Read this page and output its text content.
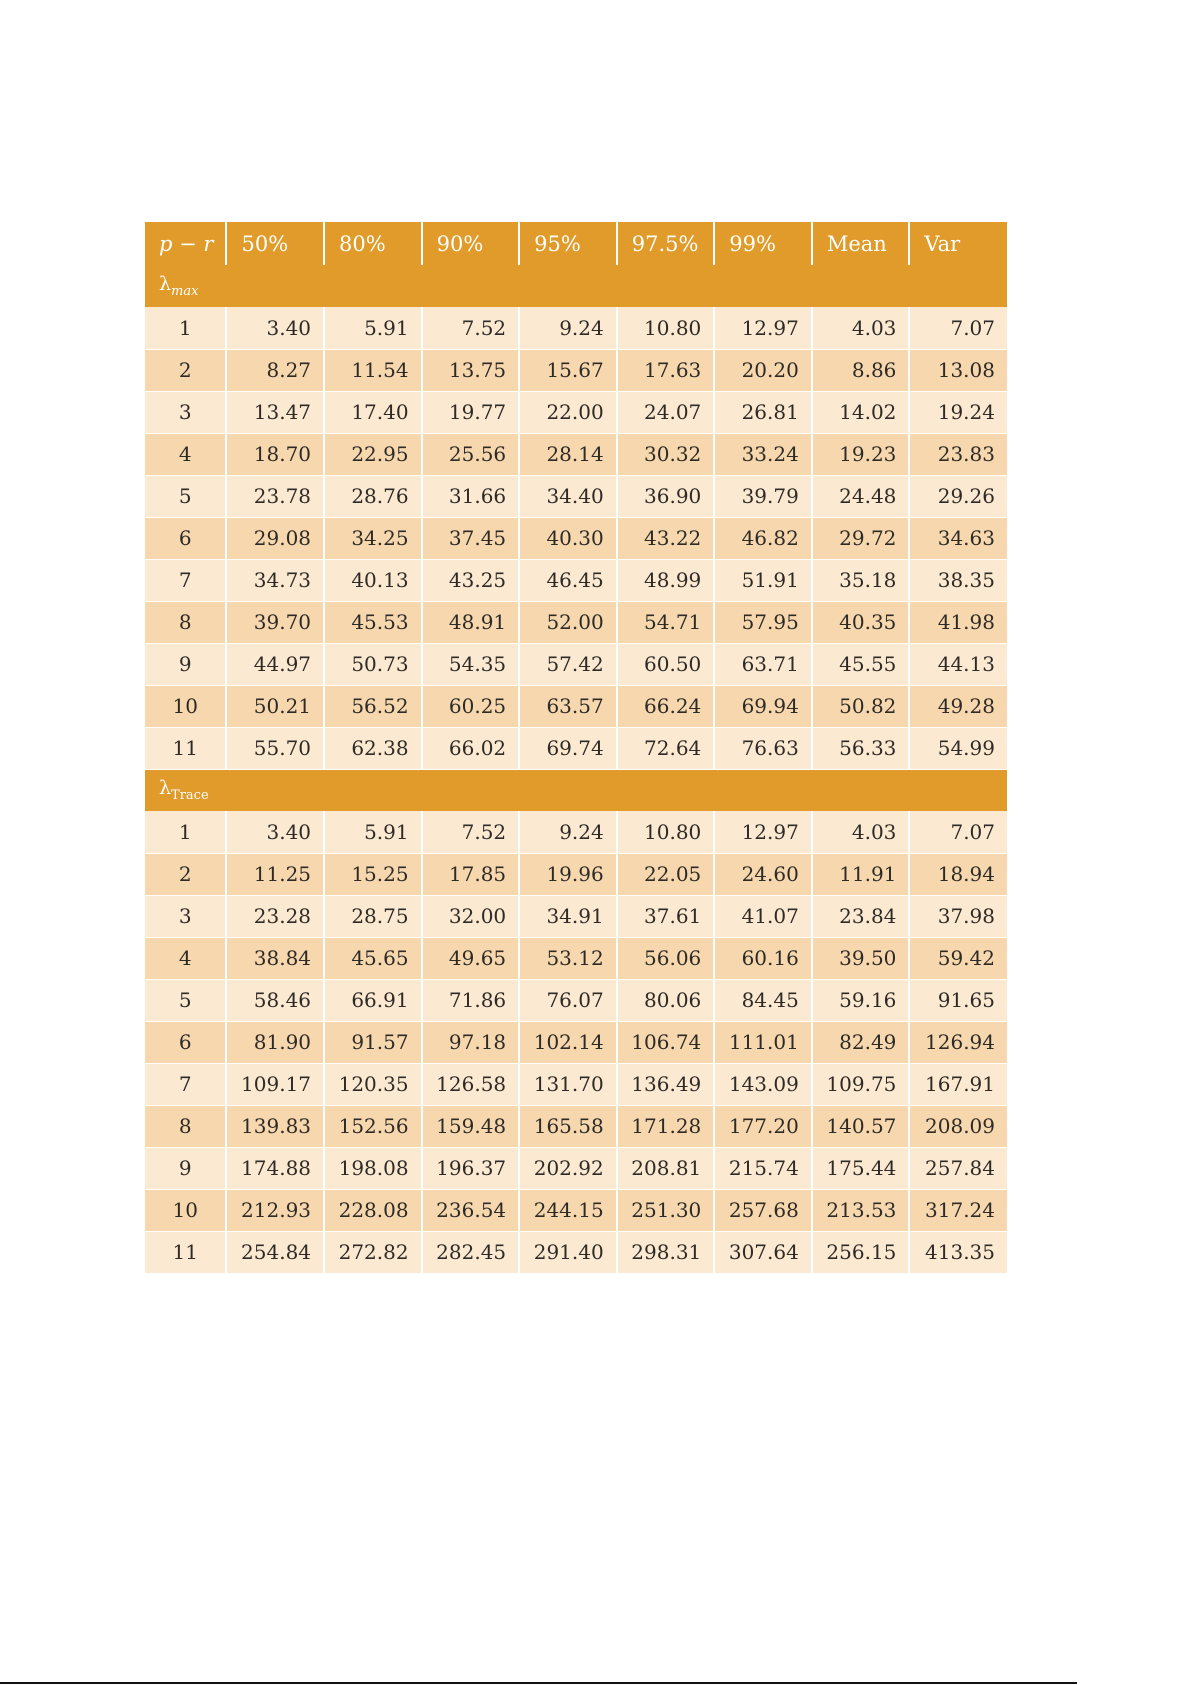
p − r	50%	80%	90%	95%	97.5%	99%	Mean	Var
$\lambda_{max}$
1	3.40	5.91	7.52	9.24	10.80	12.97	4.03	7.07
2	8.27	11.54	13.75	15.67	17.63	20.20	8.86	13.08
3	13.47	17.40	19.77	22.00	24.07	26.81	14.02	19.24
4	18.70	22.95	25.56	28.14	30.32	33.24	19.23	23.83
5	23.78	28.76	31.66	34.40	36.90	39.79	24.48	29.26
6	29.08	34.25	37.45	40.30	43.22	46.82	29.72	34.63
7	34.73	40.13	43.25	46.45	48.99	51.91	35.18	38.35
8	39.70	45.53	48.91	52.00	54.71	57.95	40.35	41.98
9	44.97	50.73	54.35	57.42	60.50	63.71	45.55	44.13
10	50.21	56.52	60.25	63.57	66.24	69.94	50.82	49.28
11	55.70	62.38	66.02	69.74	72.64	76.63	56.33	54.99
$\lambda_{Trace}$
1	3.40	5.91	7.52	9.24	10.80	12.97	4.03	7.07
2	11.25	15.25	17.85	19.96	22.05	24.60	11.91	18.94
3	23.28	28.75	32.00	34.91	37.61	41.07	23.84	37.98
4	38.84	45.65	49.65	53.12	56.06	60.16	39.50	59.42
5	58.46	66.91	71.86	76.07	80.06	84.45	59.16	91.65
6	81.90	91.57	97.18	102.14	106.74	111.01	82.49	126.94
7	109.17	120.35	126.58	131.70	136.49	143.09	109.75	167.91
8	139.83	152.56	159.48	165.58	171.28	177.20	140.57	208.09
9	174.88	198.08	196.37	202.92	208.81	215.74	175.44	257.84
10	212.93	228.08	236.54	244.15	251.30	257.68	213.53	317.24
11	254.84	272.82	282.45	291.40	298.31	307.64	256.15	413.35
